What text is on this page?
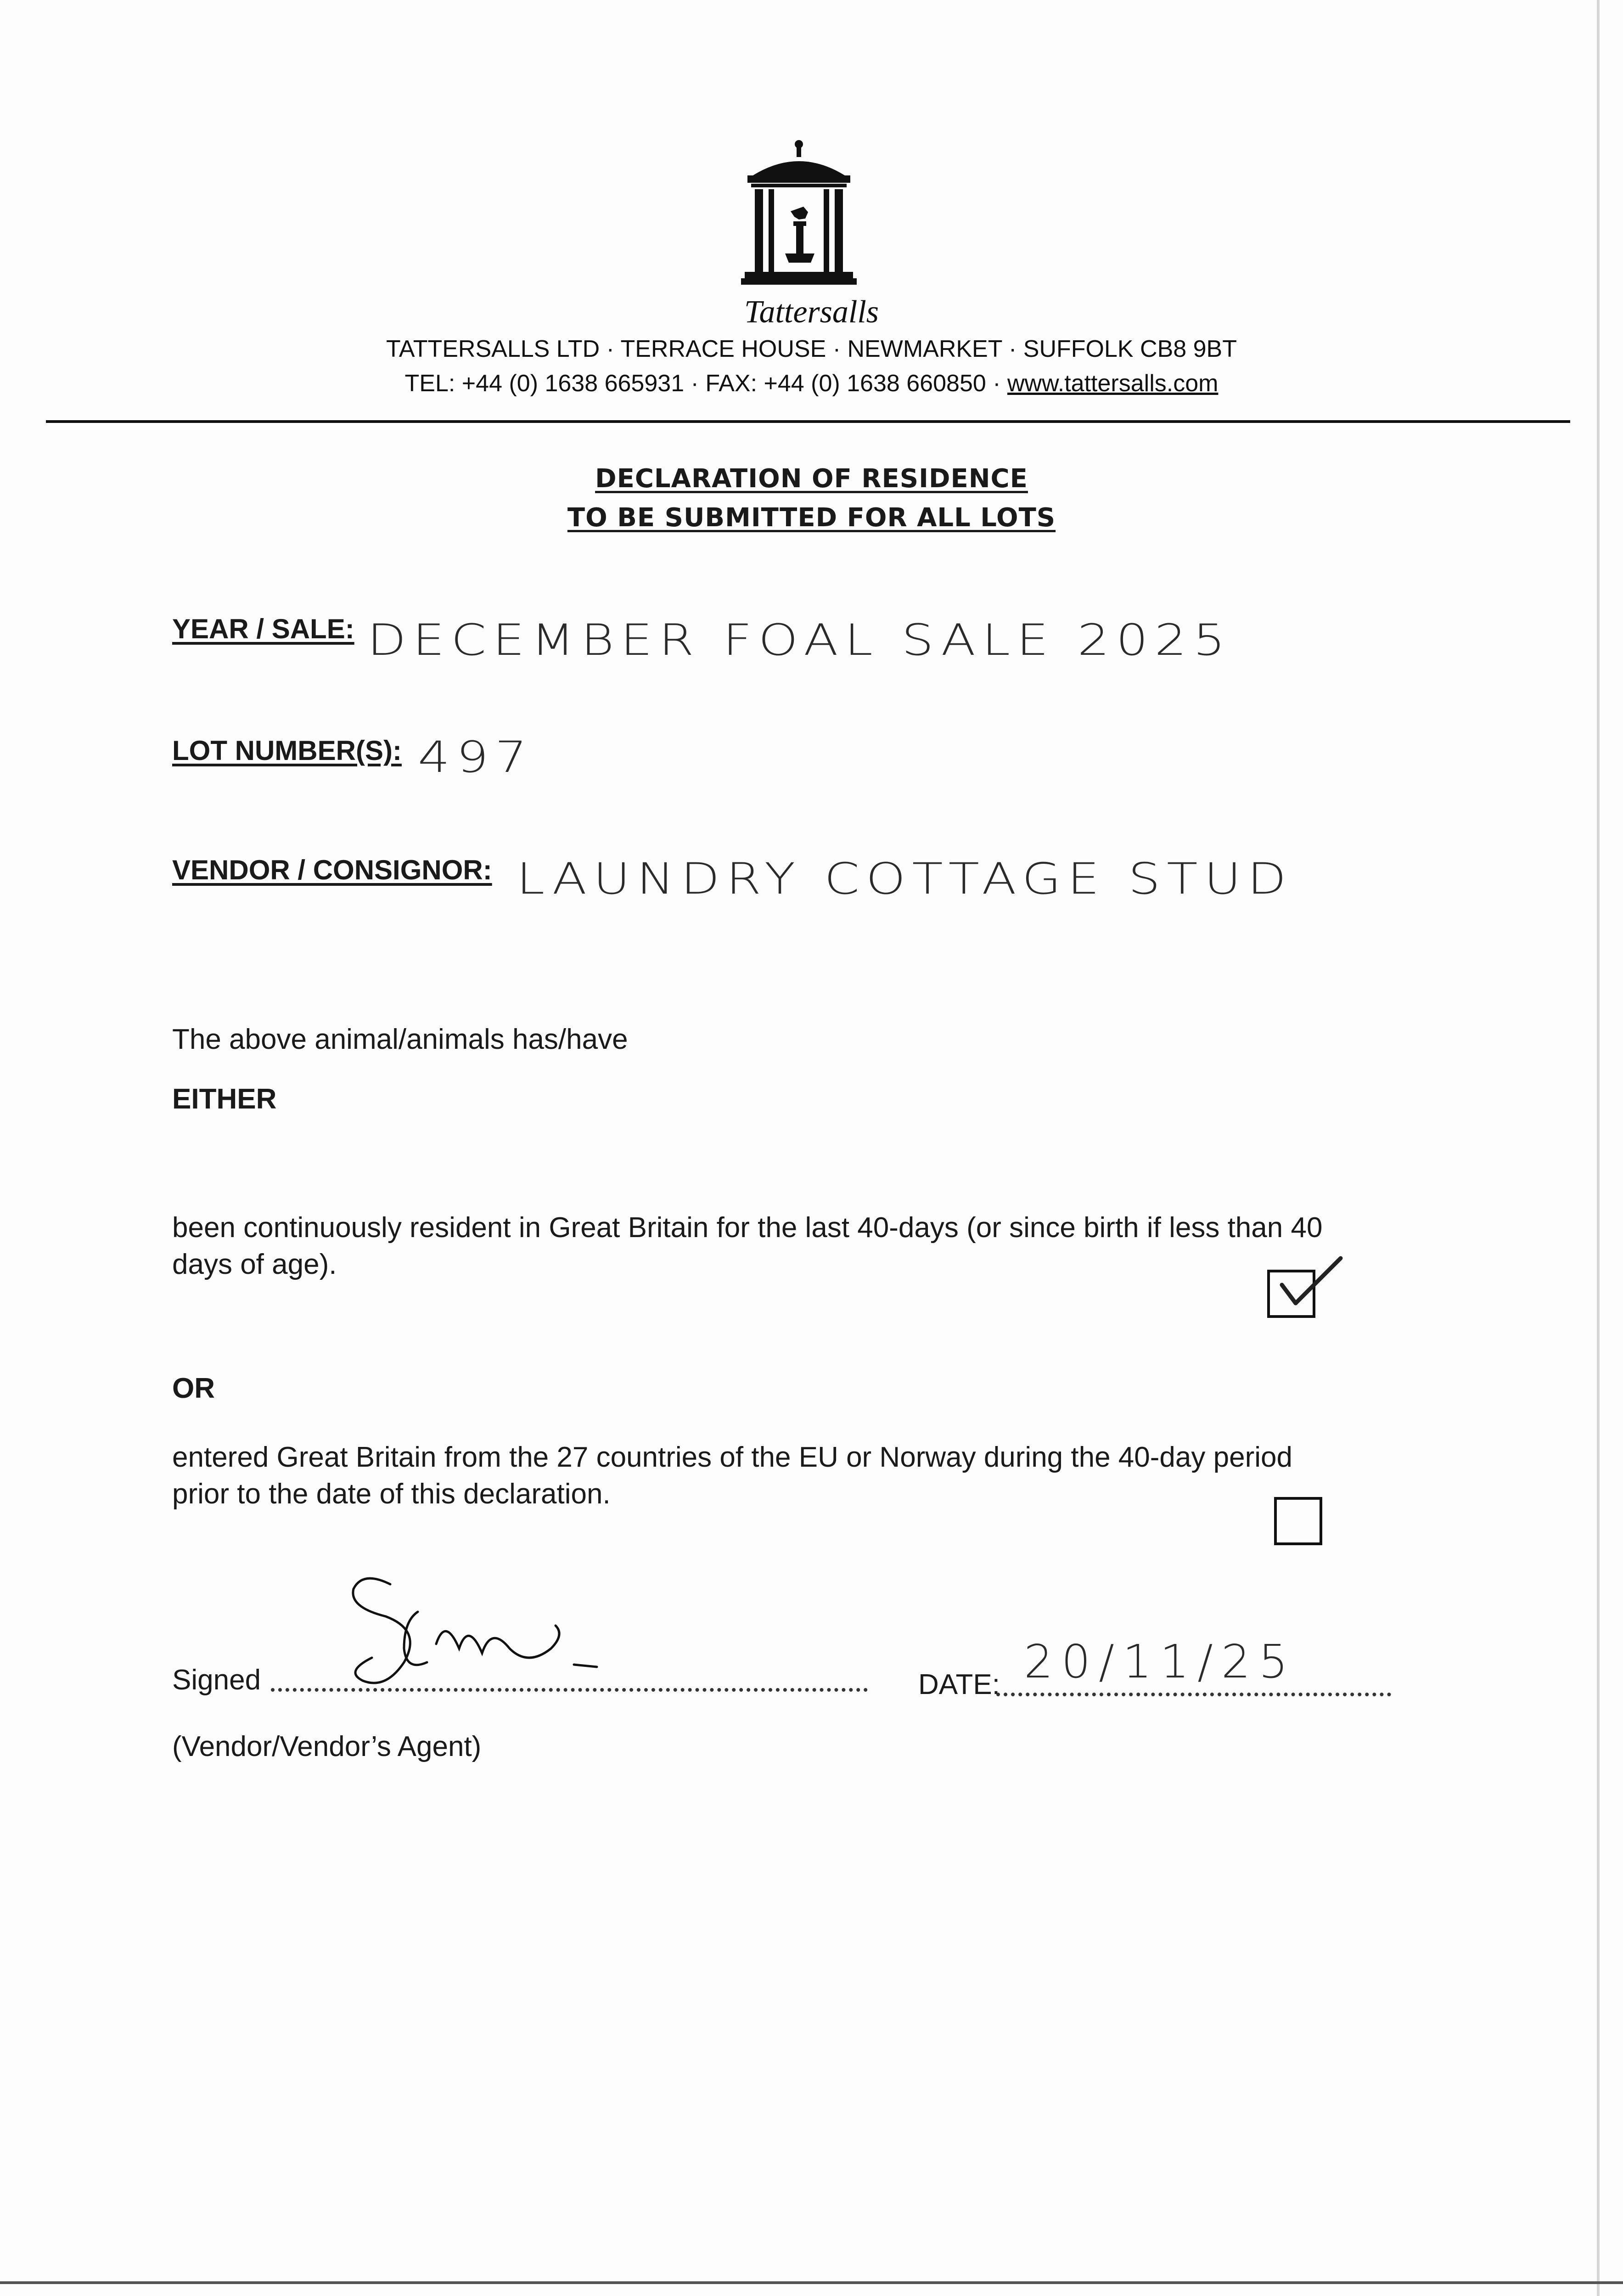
Tattersalls
TATTERSALLS LTD · TERRACE HOUSE · NEWMARKET · SUFFOLK CB8 9BT
TEL: +44 (0) 1638 665931 · FAX: +44 (0) 1638 660850 · www.tattersalls.com
DECLARATION OF RESIDENCE
TO BE SUBMITTED FOR ALL LOTS
YEAR / SALE: DECEMBER FOAL SALE 2025
LOT NUMBER(S): 497
VENDOR / CONSIGNOR: LAUNDRY COTTAGE STUD
The above animal/animals has/have
EITHER
been continuously resident in Great Britain for the last 40-days (or since birth if less than 40
days of age).
OR
entered Great Britain from the 27 countries of the EU or Norway during the 40-day period
prior to the date of this declaration.
Signed	DATE: 20/11/25
(Vendor/Vendor’s Agent)
